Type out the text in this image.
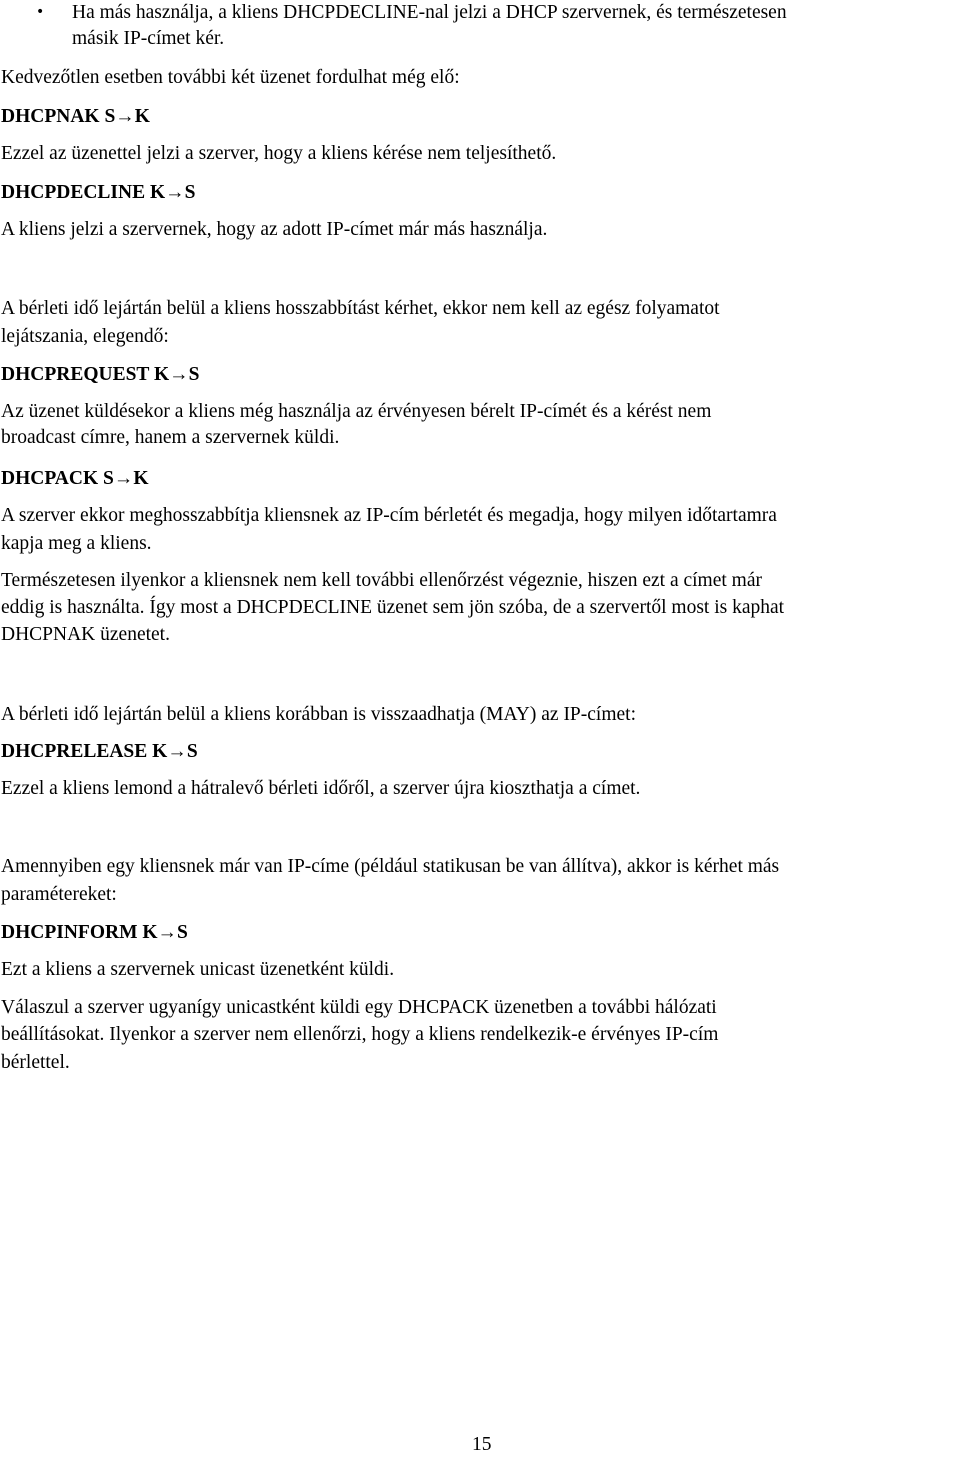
• Ha más használja, a kliens DHCPDECLINE-nal jelzi a DHCP szervernek, és természetesen
másik IP-címet kér.
Kedvezőtlen esetben további két üzenet fordulhat még elő:
DHCPNAK S→K
Ezzel az üzenettel jelzi a szerver, hogy a kliens kérése nem teljesíthető.
DHCPDECLINE K→S
A kliens jelzi a szervernek, hogy az adott IP-címet már más használja.
A bérleti idő lejártán belül a kliens hosszabbítást kérhet, ekkor nem kell az egész folyamatot
lejátszania, elegendő:
DHCPREQUEST K→S
Az üzenet küldésekor a kliens még használja az érvényesen bérelt IP-címét és a kérést nem
broadcast címre, hanem a szervernek küldi.
DHCPACK S→K
A szerver ekkor meghosszabbítja kliensnek az IP-cím bérletét és megadja, hogy milyen időtartamra
kapja meg a kliens.
Természetesen ilyenkor a kliensnek nem kell további ellenőrzést végeznie, hiszen ezt a címet már
eddig is használta. Így most a DHCPDECLINE üzenet sem jön szóba, de a szervertől most is kaphat
DHCPNAK üzenetet.
A bérleti idő lejártán belül a kliens korábban is visszaadhatja (MAY) az IP-címet:
DHCPRELEASE K→S
Ezzel a kliens lemond a hátralevő bérleti időről, a szerver újra kioszthatja a címet.
Amennyiben egy kliensnek már van IP-címe (például statikusan be van állítva), akkor is kérhet más
paramétereket:
DHCPINFORM K→S
Ezt a kliens a szervernek unicast üzenetként küldi.
Válaszul a szerver ugyanígy unicastként küldi egy DHCPACK üzenetben a további hálózati
beállításokat. Ilyenkor a szerver nem ellenőrzi, hogy a kliens rendelkezik-e érvényes IP-cím
bérlettel.
15
